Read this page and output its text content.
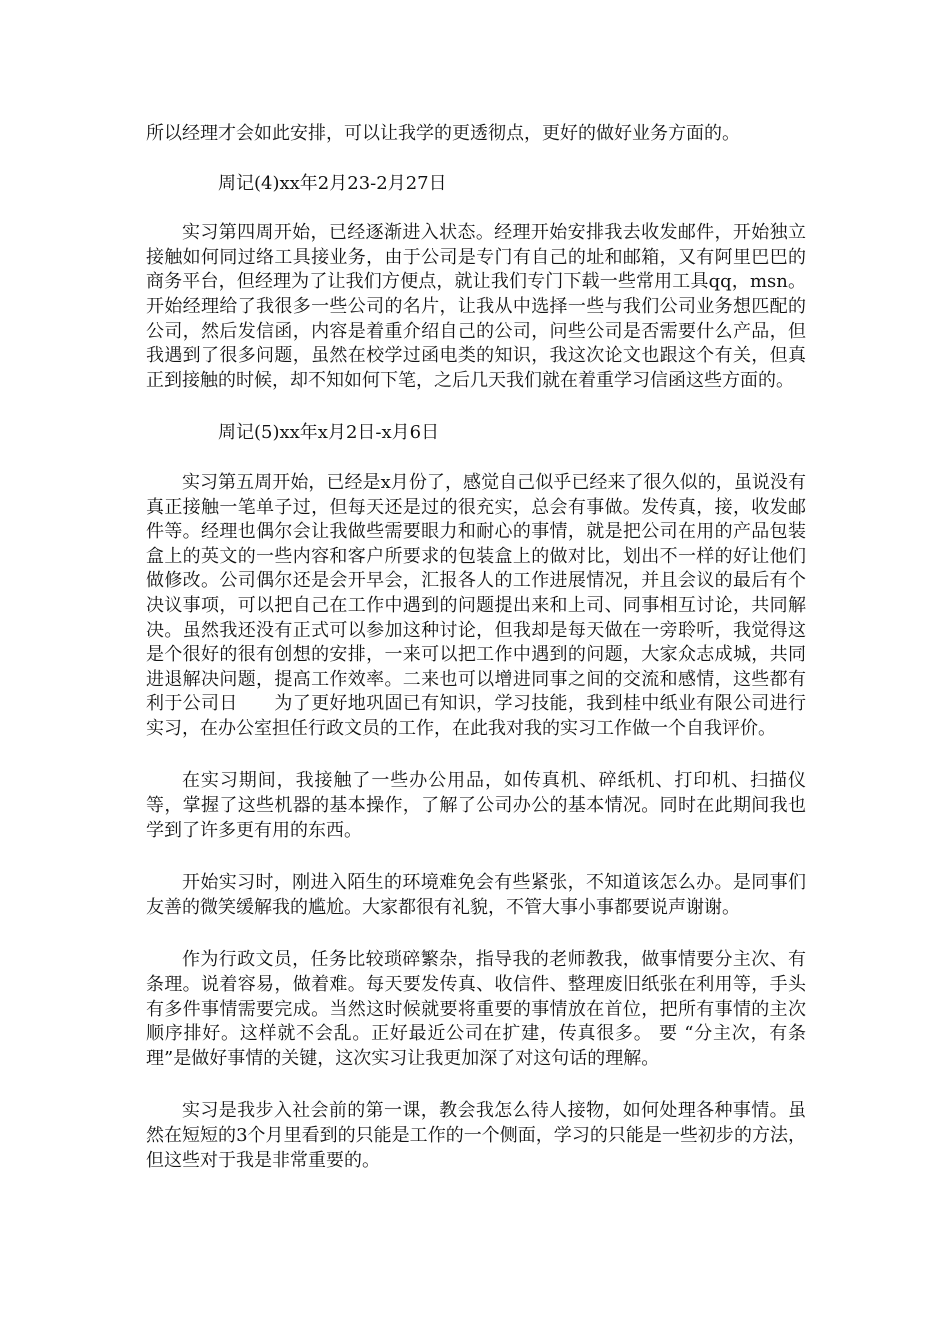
所以经理才会如此安排，可以让我学的更透彻点，更好的做好业务方面的。

周记(4)xx年2月23-2月27日

实习第四周开始，已经逐渐进入状态。经理开始安排我去收发邮件，开始独立接触如何同过络工具接业务，由于公司是专门有自己的址和邮箱，又有阿里巴巴的商务平台，但经理为了让我们方便点，就让我们专门下载一些常用工具qq，msn。开始经理给了我很多一些公司的名片，让我从中选择一些与我们公司业务想匹配的公司，然后发信函，内容是着重介绍自己的公司，问些公司是否需要什么产品，但我遇到了很多问题，虽然在校学过函电类的知识，我这次论文也跟这个有关，但真正到接触的时候，却不知如何下笔，之后几天我们就在着重学习信函这些方面的。

周记(5)xx年x月2日-x月6日

实习第五周开始，已经是x月份了，感觉自己似乎已经来了很久似的，虽说没有真正接触一笔单子过，但每天还是过的很充实，总会有事做。发传真，接，收发邮件等。经理也偶尔会让我做些需要眼力和耐心的事情，就是把公司在用的产品包装盒上的英文的一些内容和客户所要求的包装盒上的做对比，划出不一样的好让他们做修改。公司偶尔还是会开早会，汇报各人的工作进展情况，并且会议的最后有个决议事项，可以把自己在工作中遇到的问题提出来和上司、同事相互讨论，共同解决。虽然我还没有正式可以参加这种讨论，但我却是每天做在一旁聆听，我觉得这是个很好的很有创想的安排，一来可以把工作中遇到的问题，大家众志成城，共同进退解决问题，提高工作效率。二来也可以增进同事之间的交流和感情，这些都有利于公司日　　为了更好地巩固已有知识，学习技能，我到桂中纸业有限公司进行实习，在办公室担任行政文员的工作，在此我对我的实习工作做一个自我评价。

在实习期间，我接触了一些办公用品，如传真机、碎纸机、打印机、扫描仪等，掌握了这些机器的基本操作，了解了公司办公的基本情况。同时在此期间我也学到了许多更有用的东西。

开始实习时，刚进入陌生的环境难免会有些紧张，不知道该怎么办。是同事们友善的微笑缓解我的尴尬。大家都很有礼貌，不管大事小事都要说声谢谢。

作为行政文员，任务比较琐碎繁杂，指导我的老师教我，做事情要分主次、有条理。说着容易，做着难。每天要发传真、收信件、整理废旧纸张在利用等，手头有多件事情需要完成。当然这时候就要将重要的事情放在首位，把所有事情的主次顺序排好。这样就不会乱。正好最近公司在扩建，传真很多。 要 “分主次，有条理”是做好事情的关键，这次实习让我更加深了对这句话的理解。

实习是我步入社会前的第一课，教会我怎么待人接物，如何处理各种事情。虽然在短短的3个月里看到的只能是工作的一个侧面，学习的只能是一些初步的方法，但这些对于我是非常重要的。
